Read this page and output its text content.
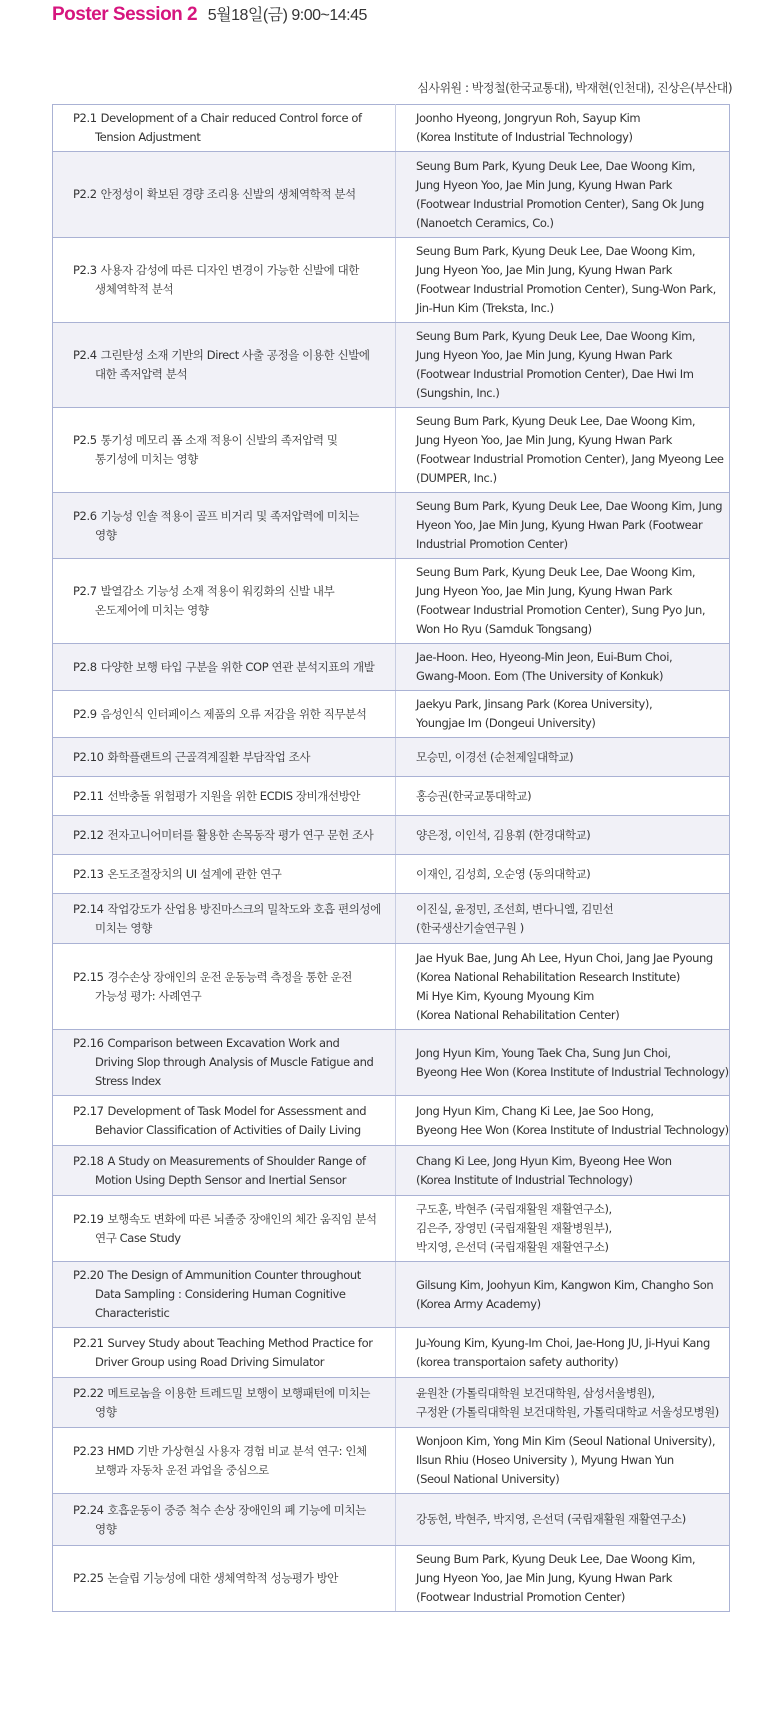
Poster Session 2 5월18일(금) 9:00~14:45
심사위원 : 박정철(한국교통대), 박재현(인천대), 진상은(부산대)
P2.1 Development of a Chair reduced Control force of Tension Adjustment	Joonho Hyeong, Jongryun Roh, Sayup Kim
(Korea Institute of Industrial Technology)

P2.2 안정성이 확보된 경량 조리용 신발의 생체역학적 분석	Seung Bum Park, Kyung Deuk Lee, Dae Woong Kim,
Jung Hyeon Yoo, Jae Min Jung, Kyung Hwan Park
(Footwear Industrial Promotion Center), Sang Ok Jung
(Nanoetch Ceramics, Co.)

P2.3 사용자 감성에 따른 디자인 변경이 가능한 신발에 대한 생체역학적 분석	Seung Bum Park, Kyung Deuk Lee, Dae Woong Kim,
Jung Hyeon Yoo, Jae Min Jung, Kyung Hwan Park
(Footwear Industrial Promotion Center), Sung-Won Park,
Jin-Hun Kim (Treksta, Inc.)

P2.4 그린탄성 소재 기반의 Direct 사출 공정을 이용한 신발에 대한 족저압력 분석	Seung Bum Park, Kyung Deuk Lee, Dae Woong Kim,
Jung Hyeon Yoo, Jae Min Jung, Kyung Hwan Park
(Footwear Industrial Promotion Center), Dae Hwi Im
(Sungshin, Inc.)

P2.5 통기성 메모리 폼 소재 적용이 신발의 족저압력 및 통기성에 미치는 영향	Seung Bum Park, Kyung Deuk Lee, Dae Woong Kim,
Jung Hyeon Yoo, Jae Min Jung, Kyung Hwan Park
(Footwear Industrial Promotion Center), Jang Myeong Lee
(DUMPER, Inc.)

P2.6 기능성 인솔 적용이 골프 비거리 및 족저압력에 미치는 영향	Seung Bum Park, Kyung Deuk Lee, Dae Woong Kim, Jung
Hyeon Yoo, Jae Min Jung, Kyung Hwan Park (Footwear
Industrial Promotion Center)

P2.7 발열감소 기능성 소재 적용이 워킹화의 신발 내부 온도제어에 미치는 영향	Seung Bum Park, Kyung Deuk Lee, Dae Woong Kim,
Jung Hyeon Yoo, Jae Min Jung, Kyung Hwan Park
(Footwear Industrial Promotion Center), Sung Pyo Jun,
Won Ho Ryu (Samduk Tongsang)

P2.8 다양한 보행 타입 구분을 위한 COP 연관 분석지표의 개발	Jae-Hoon. Heo, Hyeong-Min Jeon, Eui-Bum Choi,
Gwang-Moon. Eom (The University of Konkuk)

P2.9 음성인식 인터페이스 제품의 오류 저감을 위한 직무분석	Jaekyu Park, Jinsang Park (Korea University),
Youngjae Im (Dongeui University)

P2.10 화학플랜트의 근골격계질환 부담작업 조사	모승민, 이경선 (순천제일대학교)

P2.11 선박충돌 위험평가 지원을 위한 ECDIS 장비개선방안	홍승권(한국교통대학교)

P2.12 전자고니어미터를 활용한 손목동작 평가 연구 문헌 조사	양은정, 이인석, 김용휘 (한경대학교)

P2.13 온도조절장치의 UI 설계에 관한 연구	이재인, 김성희, 오순영 (동의대학교)

P2.14 작업강도가 산업용 방진마스크의 밀착도와 호흡 편의성에 미치는 영향	이진실, 윤정민, 조선희, 변다니엘, 김민선
(한국생산기술연구원 )

P2.15 경수손상 장애인의 운전 운동능력 측정을 통한 운전 가능성 평가: 사례연구	Jae Hyuk Bae, Jung Ah Lee, Hyun Choi, Jang Jae Pyoung
(Korea National Rehabilitation Research Institute)
Mi Hye Kim, Kyoung Myoung Kim
(Korea National Rehabilitation Center)

P2.16 Comparison between Excavation Work and Driving Slop through Analysis of Muscle Fatigue and Stress Index	Jong Hyun Kim, Young Taek Cha, Sung Jun Choi,
Byeong Hee Won (Korea Institute of Industrial Technology)

P2.17 Development of Task Model for Assessment and Behavior Classification of Activities of Daily Living	Jong Hyun Kim, Chang Ki Lee, Jae Soo Hong,
Byeong Hee Won (Korea Institute of Industrial Technology)

P2.18 A Study on Measurements of Shoulder Range of Motion Using Depth Sensor and Inertial Sensor	Chang Ki Lee, Jong Hyun Kim, Byeong Hee Won
(Korea Institute of Industrial Technology)

P2.19 보행속도 변화에 따른 뇌졸중 장애인의 체간 움직임 분석 연구 Case Study	구도훈, 박현주 (국립재활원 재활연구소),
김은주, 장영민 (국립재활원 재활병원부),
박지영, 은선덕 (국립재활원 재활연구소)

P2.20 The Design of Ammunition Counter throughout Data Sampling : Considering Human Cognitive Characteristic	Gilsung Kim, Joohyun Kim, Kangwon Kim, Changho Son
(Korea Army Academy)

P2.21 Survey Study about Teaching Method Practice for Driver Group using Road Driving Simulator	Ju-Young Kim, Kyung-Im Choi, Jae-Hong JU, Ji-Hyui Kang
(korea transportaion safety authority)

P2.22 메트로놈을 이용한 트레드밀 보행이 보행패턴에 미치는 영향	윤원찬 (가톨릭대학원 보건대학원, 삼성서울병원),
구정완 (가톨릭대학원 보건대학원, 가톨릭대학교 서울성모병원)

P2.23 HMD 기반 가상현실 사용자 경험 비교 분석 연구: 인체 보행과 자동차 운전 과업을 중심으로	Wonjoon Kim, Yong Min Kim (Seoul National University),
Ilsun Rhiu (Hoseo University ), Myung Hwan Yun
(Seoul National University)

P2.24 호흡운동이 중증 척수 손상 장애인의 폐 기능에 미치는 영향	강동헌, 박현주, 박지영, 은선덕 (국립재활원 재활연구소)

P2.25 논슬립 기능성에 대한 생체역학적 성능평가 방안	Seung Bum Park, Kyung Deuk Lee, Dae Woong Kim,
Jung Hyeon Yoo, Jae Min Jung, Kyung Hwan Park
(Footwear Industrial Promotion Center)
